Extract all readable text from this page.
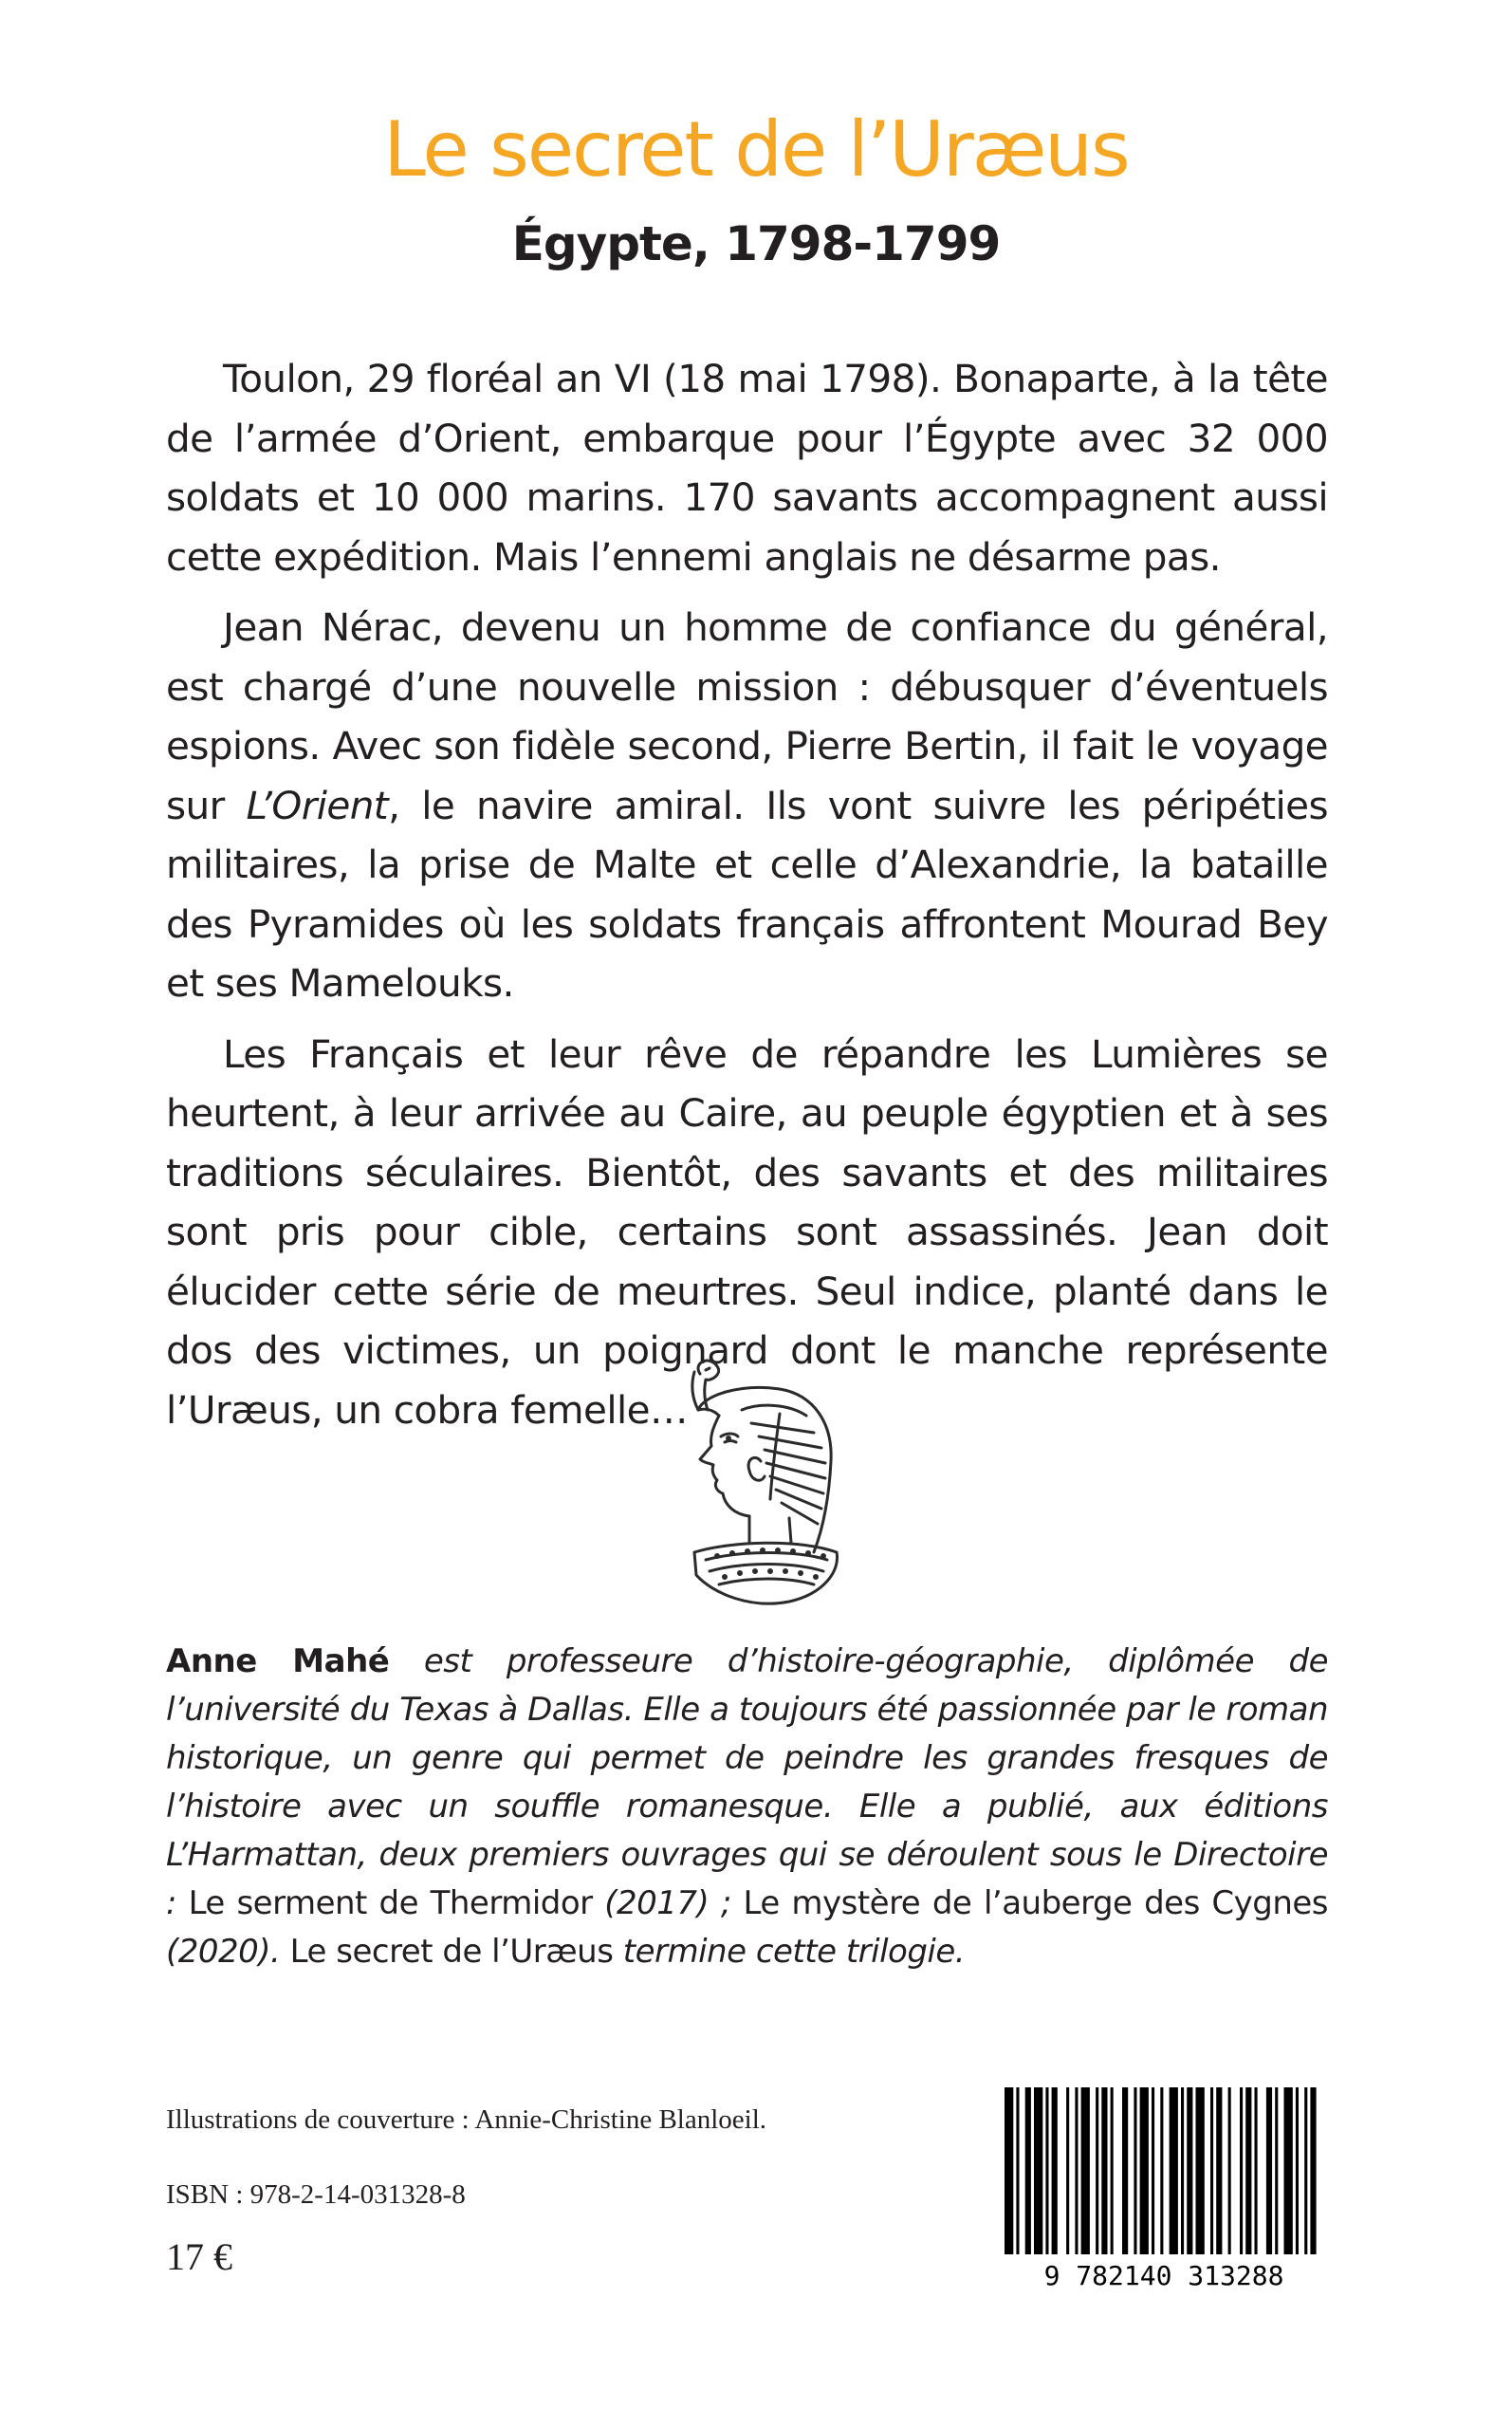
Le secret de l’Uræus
Égypte, 1798-1799

Toulon, 29 floréal an VI (18 mai 1798). Bonaparte, à la tête de l’armée d’Orient, embarque pour l’Égypte avec 32 000 soldats et 10 000 marins. 170 savants accompagnent aussi cette expédition. Mais l’ennemi anglais ne désarme pas.

Jean Nérac, devenu un homme de confiance du général, est chargé d’une nouvelle mission : débusquer d’éventuels espions. Avec son fidèle second, Pierre Bertin, il fait le voyage sur L’Orient, le navire amiral. Ils vont suivre les péripéties militaires, la prise de Malte et celle d’Alexandrie, la bataille des Pyramides où les soldats français affrontent Mourad Bey et ses Mamelouks.

Les Français et leur rêve de répandre les Lumières se heurtent, à leur arrivée au Caire, au peuple égyptien et à ses traditions séculaires. Bientôt, des savants et des militaires sont pris pour cible, certains sont assassinés. Jean doit élucider cette série de meurtres. Seul indice, planté dans le dos des victimes, un poignard dont le manche représente l’Uræus, un cobra femelle…

Anne Mahé est professeure d’histoire-géographie, diplômée de l’université du Texas à Dallas. Elle a toujours été passionnée par le roman historique, un genre qui permet de peindre les grandes fresques de l’histoire avec un souffle romanesque. Elle a publié, aux éditions L’Harmattan, deux premiers ouvrages qui se déroulent sous le Directoire : Le serment de Thermidor (2017) ; Le mystère de l’auberge des Cygnes (2020). Le secret de l’Uræus termine cette trilogie.

Illustrations de couverture : Annie-Christine Blanloeil.

ISBN : 978-2-14-031328-8

17 €	9 782140 313288
